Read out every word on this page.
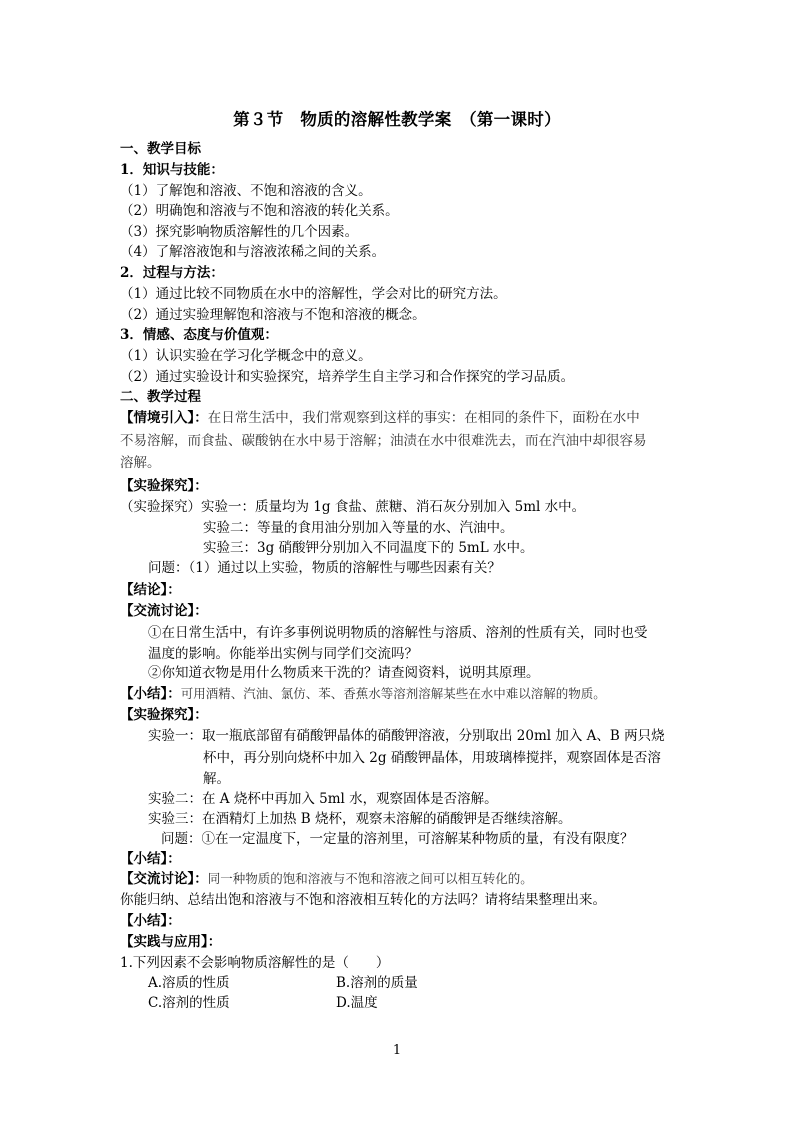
第３节　物质的溶解性教学案　（第一课时）
一、教学目标
1．知识与技能：
（1）了解饱和溶液、不饱和溶液的含义。
（2）明确饱和溶液与不饱和溶液的转化关系。
（3）探究影响物质溶解性的几个因素。
（4）了解溶液饱和与溶液浓稀之间的关系。
2．过程与方法：
（1）通过比较不同物质在水中的溶解性，学会对比的研究方法。
（2）通过实验理解饱和溶液与不饱和溶液的概念。
3．情感、态度与价值观：
（1）认识实验在学习化学概念中的意义。
（2）通过实验设计和实验探究，培养学生自主学习和合作探究的学习品质。
二、教学过程
【情境引入】：在日常生活中，我们常观察到这样的事实：在相同的条件下，面粉在水中
不易溶解，而食盐、碳酸钠在水中易于溶解；油渍在水中很难洗去，而在汽油中却很容易
溶解。
【实验探究】：
（实验探究）实验一：质量均为 1g 食盐、蔗糖、消石灰分别加入 5ml 水中。
实验二：等量的食用油分别加入等量的水、汽油中。
实验三：3g 硝酸钾分别加入不同温度下的 5mL 水中。
问题：（1）通过以上实验，物质的溶解性与哪些因素有关？
【结论】：
【交流讨论】：
①在日常生活中，有许多事例说明物质的溶解性与溶质、溶剂的性质有关，同时也受
温度的影响。你能举出实例与同学们交流吗？
②你知道衣物是用什么物质来干洗的？请查阅资料，说明其原理。
【小结】：可用酒精、汽油、氯仿、苯、香蕉水等溶剂溶解某些在水中难以溶解的物质。
【实验探究】：
实验一：取一瓶底部留有硝酸钾晶体的硝酸钾溶液，分别取出 20ml 加入 A、B 两只烧
杯中，再分别向烧杯中加入 2g 硝酸钾晶体，用玻璃棒搅拌，观察固体是否溶
解。
实验二：在 A 烧杯中再加入 5ml 水，观察固体是否溶解。
实验三：在酒精灯上加热 B 烧杯，观察未溶解的硝酸钾是否继续溶解。
问题：①在一定温度下，一定量的溶剂里，可溶解某种物质的量，有没有限度？
【小结】：
【交流讨论】：同一种物质的饱和溶液与不饱和溶液之间可以相互转化的。
你能归纳、总结出饱和溶液与不饱和溶液相互转化的方法吗？请将结果整理出来。
【小结】：
【实践与应用】：
1.下列因素不会影响物质溶解性的是（　　）
A.溶质的性质	B.溶剂的质量
C.溶剂的性质	D.温度
1
